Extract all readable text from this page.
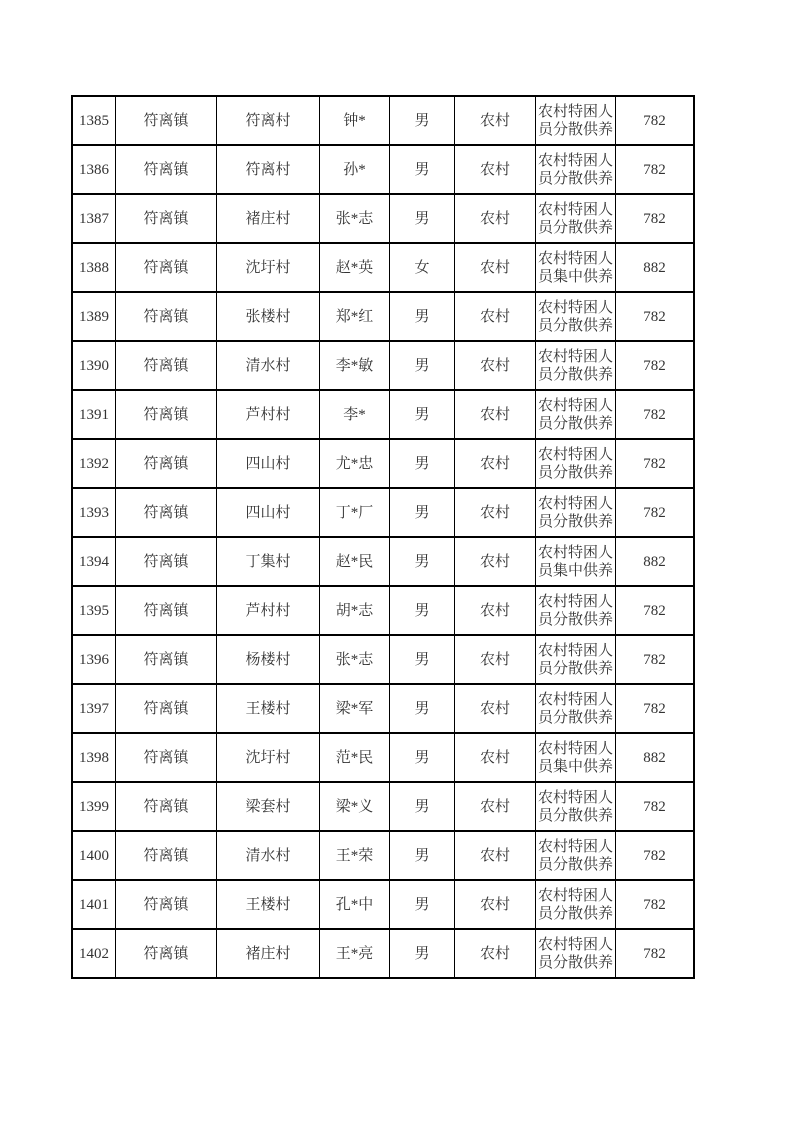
1385	符离镇	符离村	钟*	男	农村	农村特困人员分散供养	782
1386	符离镇	符离村	孙*	男	农村	农村特困人员分散供养	782
1387	符离镇	褚庄村	张*志	男	农村	农村特困人员分散供养	782
1388	符离镇	沈圩村	赵*英	女	农村	农村特困人员集中供养	882
1389	符离镇	张楼村	郑*红	男	农村	农村特困人员分散供养	782
1390	符离镇	清水村	李*敏	男	农村	农村特困人员分散供养	782
1391	符离镇	芦村村	李*	男	农村	农村特困人员分散供养	782
1392	符离镇	四山村	尤*忠	男	农村	农村特困人员分散供养	782
1393	符离镇	四山村	丁*厂	男	农村	农村特困人员分散供养	782
1394	符离镇	丁集村	赵*民	男	农村	农村特困人员集中供养	882
1395	符离镇	芦村村	胡*志	男	农村	农村特困人员分散供养	782
1396	符离镇	杨楼村	张*志	男	农村	农村特困人员分散供养	782
1397	符离镇	王楼村	梁*军	男	农村	农村特困人员分散供养	782
1398	符离镇	沈圩村	范*民	男	农村	农村特困人员集中供养	882
1399	符离镇	梁套村	梁*义	男	农村	农村特困人员分散供养	782
1400	符离镇	清水村	王*荣	男	农村	农村特困人员分散供养	782
1401	符离镇	王楼村	孔*中	男	农村	农村特困人员分散供养	782
1402	符离镇	褚庄村	王*亮	男	农村	农村特困人员分散供养	782
